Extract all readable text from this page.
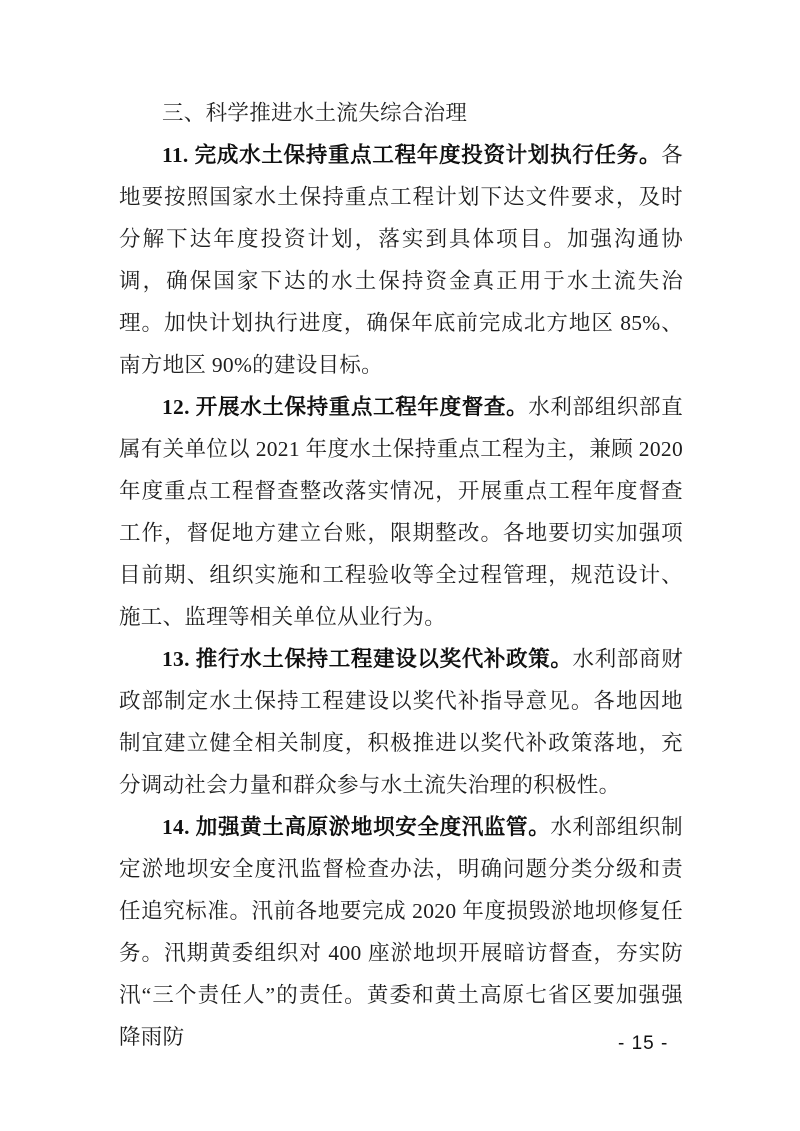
三、科学推进水土流失综合治理

11. 完成水土保持重点工程年度投资计划执行任务。各地要按照国家水土保持重点工程计划下达文件要求，及时分解下达年度投资计划，落实到具体项目。加强沟通协调，确保国家下达的水土保持资金真正用于水土流失治理。加快计划执行进度，确保年底前完成北方地区 85%、南方地区 90%的建设目标。

12. 开展水土保持重点工程年度督查。水利部组织部直属有关单位以 2021 年度水土保持重点工程为主，兼顾 2020 年度重点工程督查整改落实情况，开展重点工程年度督查工作，督促地方建立台账，限期整改。各地要切实加强项目前期、组织实施和工程验收等全过程管理，规范设计、施工、监理等相关单位从业行为。

13. 推行水土保持工程建设以奖代补政策。水利部商财政部制定水土保持工程建设以奖代补指导意见。各地因地制宜建立健全相关制度，积极推进以奖代补政策落地，充分调动社会力量和群众参与水土流失治理的积极性。

14. 加强黄土高原淤地坝安全度汛监管。水利部组织制定淤地坝安全度汛监督检查办法，明确问题分类分级和责任追究标准。汛前各地要完成 2020 年度损毁淤地坝修复任务。汛期黄委组织对 400 座淤地坝开展暗访督查，夯实防汛“三个责任人”的责任。黄委和黄土高原七省区要加强强降雨防	- 15 -
